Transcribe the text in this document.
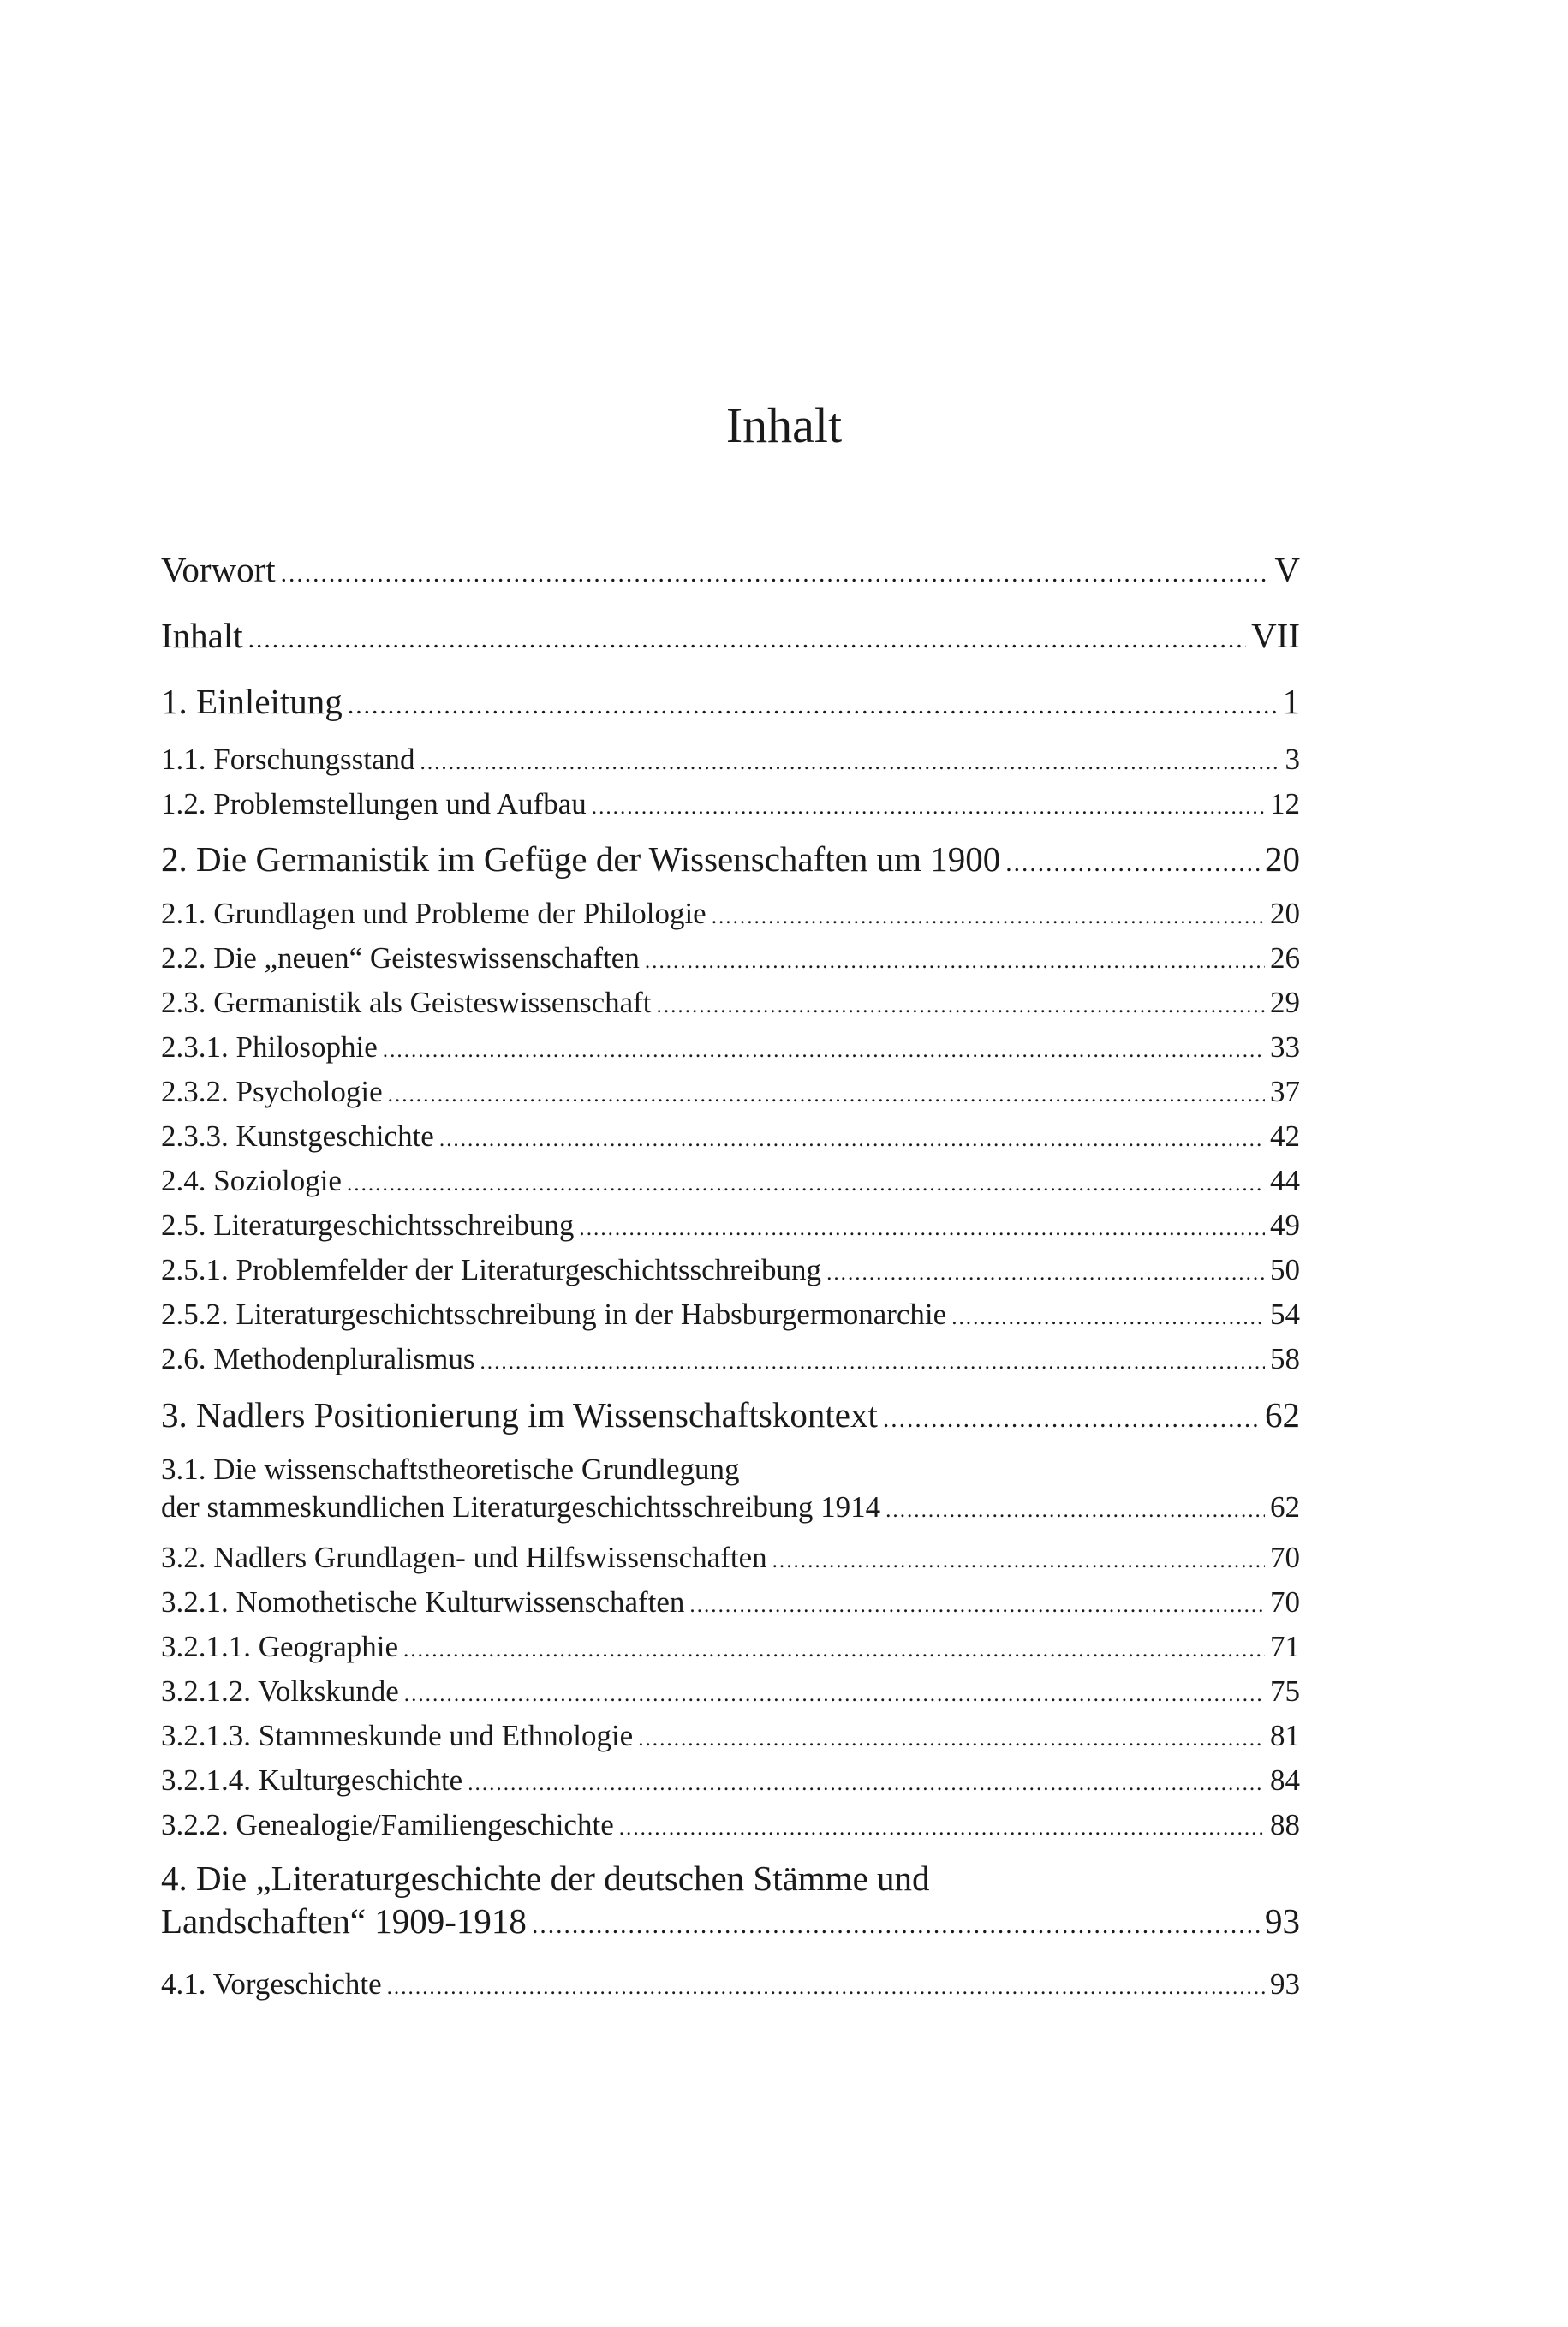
Inhalt
Vorwort .....	V
Inhalt .....	VII
1. Einleitung .....	1
1.1. Forschungsstand .....	3
1.2. Problemstellungen und Aufbau .....	12
2. Die Germanistik im Gefüge der Wissenschaften um 1900 .....	20
2.1. Grundlagen und Probleme der Philologie .....	20
2.2. Die „neuen“ Geisteswissenschaften .....	26
2.3. Germanistik als Geisteswissenschaft .....	29
2.3.1. Philosophie .....	33
2.3.2. Psychologie .....	37
2.3.3. Kunstgeschichte .....	42
2.4. Soziologie .....	44
2.5. Literaturgeschichtsschreibung .....	49
2.5.1. Problemfelder der Literaturgeschichtsschreibung .....	50
2.5.2. Literaturgeschichtsschreibung in der Habsburgermonarchie .....	54
2.6. Methodenpluralismus .....	58
3. Nadlers Positionierung im Wissenschaftskontext .....	62
3.1. Die wissenschaftstheoretische Grundlegung
der stammeskundlichen Literaturgeschichtsschreibung 1914 .....	62
3.2. Nadlers Grundlagen- und Hilfswissenschaften .....	70
3.2.1. Nomothetische Kulturwissenschaften .....	70
3.2.1.1. Geographie .....	71
3.2.1.2. Volkskunde .....	75
3.2.1.3. Stammeskunde und Ethnologie .....	81
3.2.1.4. Kulturgeschichte .....	84
3.2.2. Genealogie/Familiengeschichte .....	88
4. Die „Literaturgeschichte der deutschen Stämme und
Landschaften“ 1909-1918 .....	93
4.1. Vorgeschichte .....	93
